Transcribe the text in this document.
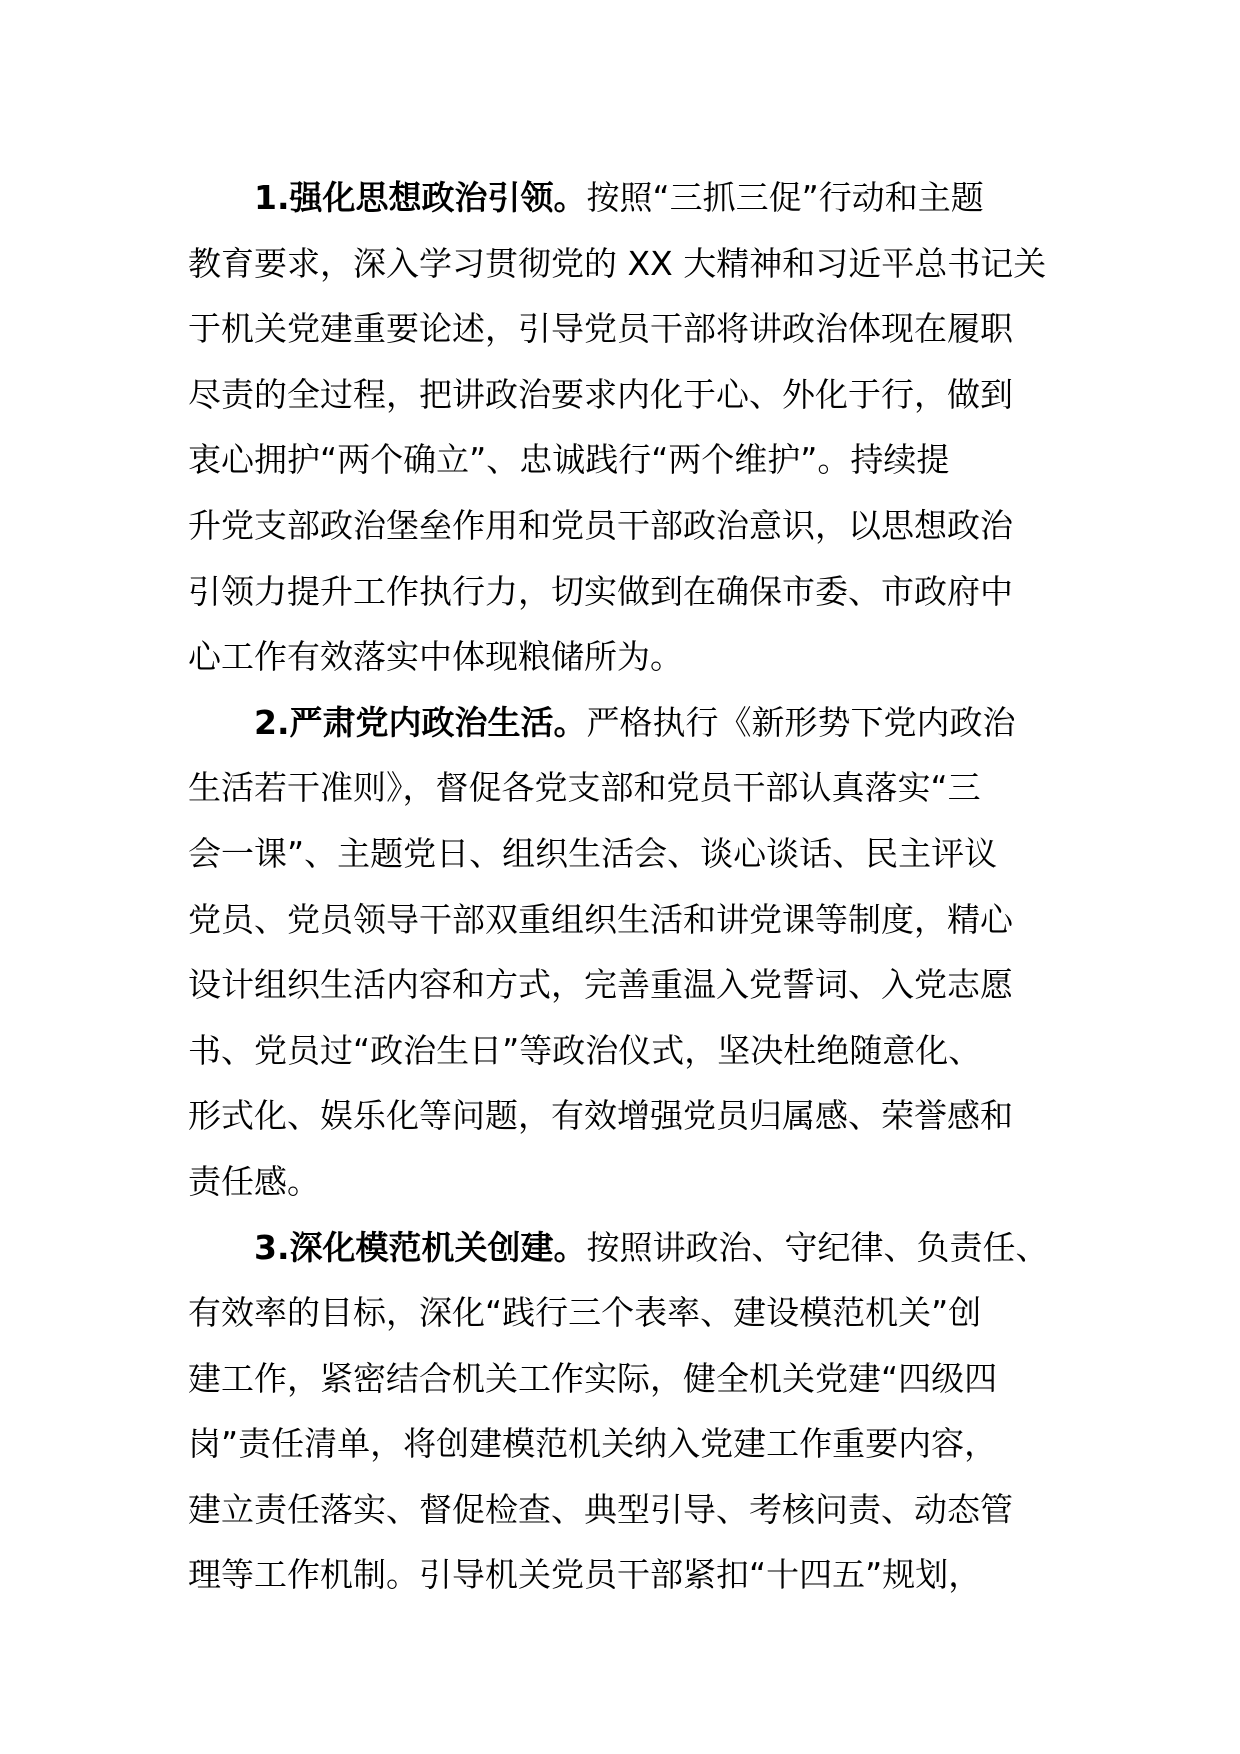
1.强化思想政治引领。按照“三抓三促”行动和主题
教育要求，深入学习贯彻党的 XX 大精神和习近平总书记关
于机关党建重要论述，引导党员干部将讲政治体现在履职
尽责的全过程，把讲政治要求内化于心、外化于行，做到
衷心拥护“两个确立”、忠诚践行“两个维护”。持续提
升党支部政治堡垒作用和党员干部政治意识，以思想政治
引领力提升工作执行力，切实做到在确保市委、市政府中
心工作有效落实中体现粮储所为。
2.严肃党内政治生活。严格执行《新形势下党内政治
生活若干准则》，督促各党支部和党员干部认真落实“三
会一课”、主题党日、组织生活会、谈心谈话、民主评议
党员、党员领导干部双重组织生活和讲党课等制度，精心
设计组织生活内容和方式，完善重温入党誓词、入党志愿
书、党员过“政治生日”等政治仪式，坚决杜绝随意化、
形式化、娱乐化等问题，有效增强党员归属感、荣誉感和
责任感。
3.深化模范机关创建。按照讲政治、守纪律、负责任、
有效率的目标，深化“践行三个表率、建设模范机关”创
建工作，紧密结合机关工作实际，健全机关党建“四级四
岗”责任清单，将创建模范机关纳入党建工作重要内容，
建立责任落实、督促检查、典型引导、考核问责、动态管
理等工作机制。引导机关党员干部紧扣“十四五”规划，
